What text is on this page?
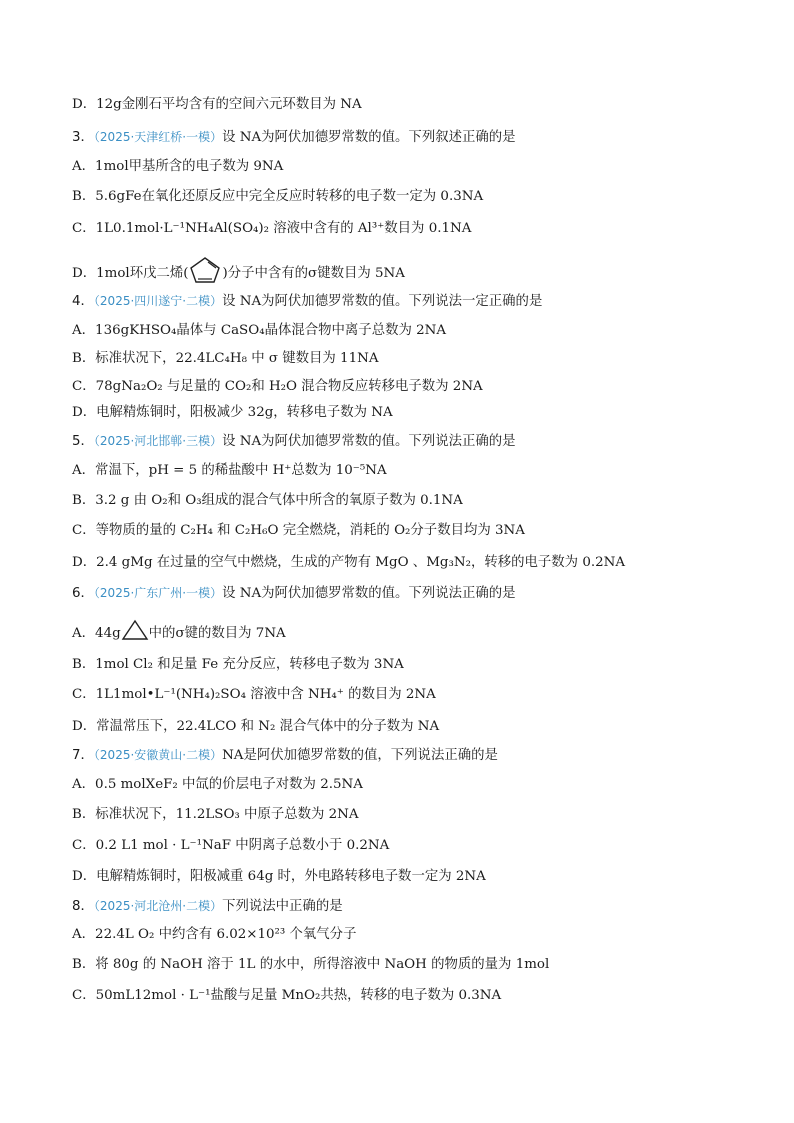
D．12g金刚石平均含有的空间六元环数目为 NA
3．（2025·天津红桥·一模）设 NA为阿伏加德罗常数的值。下列叙述正确的是
A．1mol甲基所含的电子数为 9NA
B．5.6gFe在氧化还原反应中完全反应时转移的电子数一定为 0.3NA
C．1L0.1mol·L⁻¹NH₄Al(SO₄)₂ 溶液中含有的 Al³⁺数目为 0.1NA
D．1mol环戊二烯(	)分子中含有的σ键数目为 5NA
4．（2025·四川遂宁·二模）设 NA为阿伏加德罗常数的值。下列说法一定正确的是
A．136gKHSO₄晶体与 CaSO₄晶体混合物中离子总数为 2NA
B．标准状况下，22.4LC₄H₈ 中 σ 键数目为 11NA
C．78gNa₂O₂ 与足量的 CO₂和 H₂O 混合物反应转移电子数为 2NA
D．电解精炼铜时，阳极减少 32g，转移电子数为 NA
5．（2025·河北邯郸·三模）设 NA为阿伏加德罗常数的值。下列说法正确的是
A．常温下，pH = 5 的稀盐酸中 H⁺总数为 10⁻⁵NA
B．3.2 g 由 O₂和 O₃组成的混合气体中所含的氧原子数为 0.1NA
C．等物质的量的 C₂H₄ 和 C₂H₆O 完全燃烧，消耗的 O₂分子数目均为 3NA
D．2.4 gMg 在过量的空气中燃烧，生成的产物有 MgO 、Mg₃N₂，转移的电子数为 0.2NA
6．（2025·广东广州·一模）设 NA为阿伏加德罗常数的值。下列说法正确的是
A．44g 中的σ键的数目为 7NA
B．1mol Cl₂ 和足量 Fe 充分反应，转移电子数为 3NA
C．1L1mol•L⁻¹(NH₄)₂SO₄ 溶液中含 NH₄⁺ 的数目为 2NA
D．常温常压下，22.4LCO 和 N₂ 混合气体中的分子数为 NA
7．（2025·安徽黄山·二模）NA是阿伏加德罗常数的值，下列说法正确的是
A．0.5 molXeF₂ 中氙的价层电子对数为 2.5NA
B．标准状况下，11.2LSO₃ 中原子总数为 2NA
C．0.2 L1 mol · L⁻¹NaF 中阴离子总数小于 0.2NA
D．电解精炼铜时，阳极减重 64g 时，外电路转移电子数一定为 2NA
8．（2025·河北沧州·二模）下列说法中正确的是
A．22.4L O₂ 中约含有 6.02×10²³ 个氧气分子
B．将 80g 的 NaOH 溶于 1L 的水中，所得溶液中 NaOH 的物质的量为 1mol
C．50mL12mol · L⁻¹盐酸与足量 MnO₂共热，转移的电子数为 0.3NA
